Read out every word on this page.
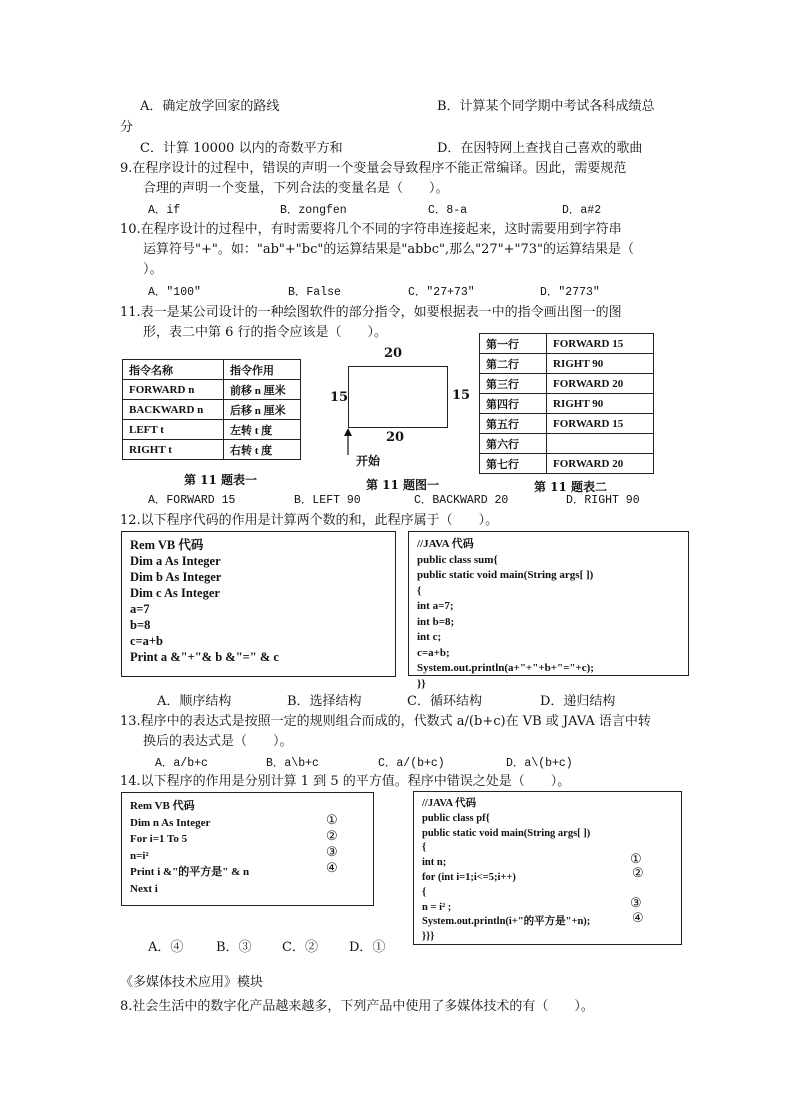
A．确定放学回家的路线	B．计算某个同学期中考试各科成绩总
分
C．计算 10000 以内的奇数平方和	D．在因特网上查找自己喜欢的歌曲
9.在程序设计的过程中，错误的声明一个变量会导致程序不能正常编译。因此，需要规范
合理的声明一个变量，下列合法的变量名是（　　）。
A．if	B．zongfen	C．8-a	D．a#2
10.在程序设计的过程中，有时需要将几个不同的字符串连接起来，这时需要用到字符串
运算符号"+"。如："ab"+"bc"的运算结果是"abbc",那么"27"+"73"的运算结果是（
）。
A．"100"	B．False	C．"27+73"	D．"2773"
11.表一是某公司设计的一种绘图软件的部分指令，如要根据表一中的指令画出图一的图
形，表二中第 6 行的指令应该是（　　）。
指令名称	指令作用
FORWARD n	前移 n 厘米
BACKWARD n	后移 n 厘米
LEFT t	左转 t 度
RIGHT t	右转 t 度
第 11 题表一
20
15	15
20
开始
第 11 题图一
第一行	FORWARD 15
第二行	RIGHT 90
第三行	FORWARD 20
第四行	RIGHT 90
第五行	FORWARD 15
第六行	
第七行	FORWARD 20
第 11 题表二
A．FORWARD 15	B．LEFT 90	C．BACKWARD 20	D．RIGHT 90
12.以下程序代码的作用是计算两个数的和，此程序属于（　　）。
Rem VB 代码
Dim a As Integer
Dim b As Integer
Dim c As Integer
a=7
b=8
c=a+b
Print a &"+"& b &"=" & c
//JAVA 代码
public class sum{
public static void main(String args[ ])
{
int a=7;
int b=8;
int c;
c=a+b;
System.out.println(a+"+"+b+"="+c);
}}
A．顺序结构	B．选择结构	C．循环结构	D．递归结构
13.程序中的表达式是按照一定的规则组合而成的，代数式 a/(b+c)在 VB 或 JAVA 语言中转
换后的表达式是（　　）。
A．a/b+c	B．a\b+c	C．a/(b+c)	D．a\(b+c)
14.以下程序的作用是分别计算 1 到 5 的平方值。程序中错误之处是（　　）。
Rem VB 代码
Dim n As Integer
For i=1 To 5
n=i²
Print i &"的平方是" & n
Next i
①
②
③
④
//JAVA 代码
public class pf{
public static void main(String args[ ])
{
int n;
for (int i=1;i<=5;i++)
{
n = i² ;
System.out.println(i+"的平方是"+n);
}}}
①
②
③
④
A．④	B．③ C．② D．①
《多媒体技术应用》模块
8.社会生活中的数字化产品越来越多，下列产品中使用了多媒体技术的有（　　）。
